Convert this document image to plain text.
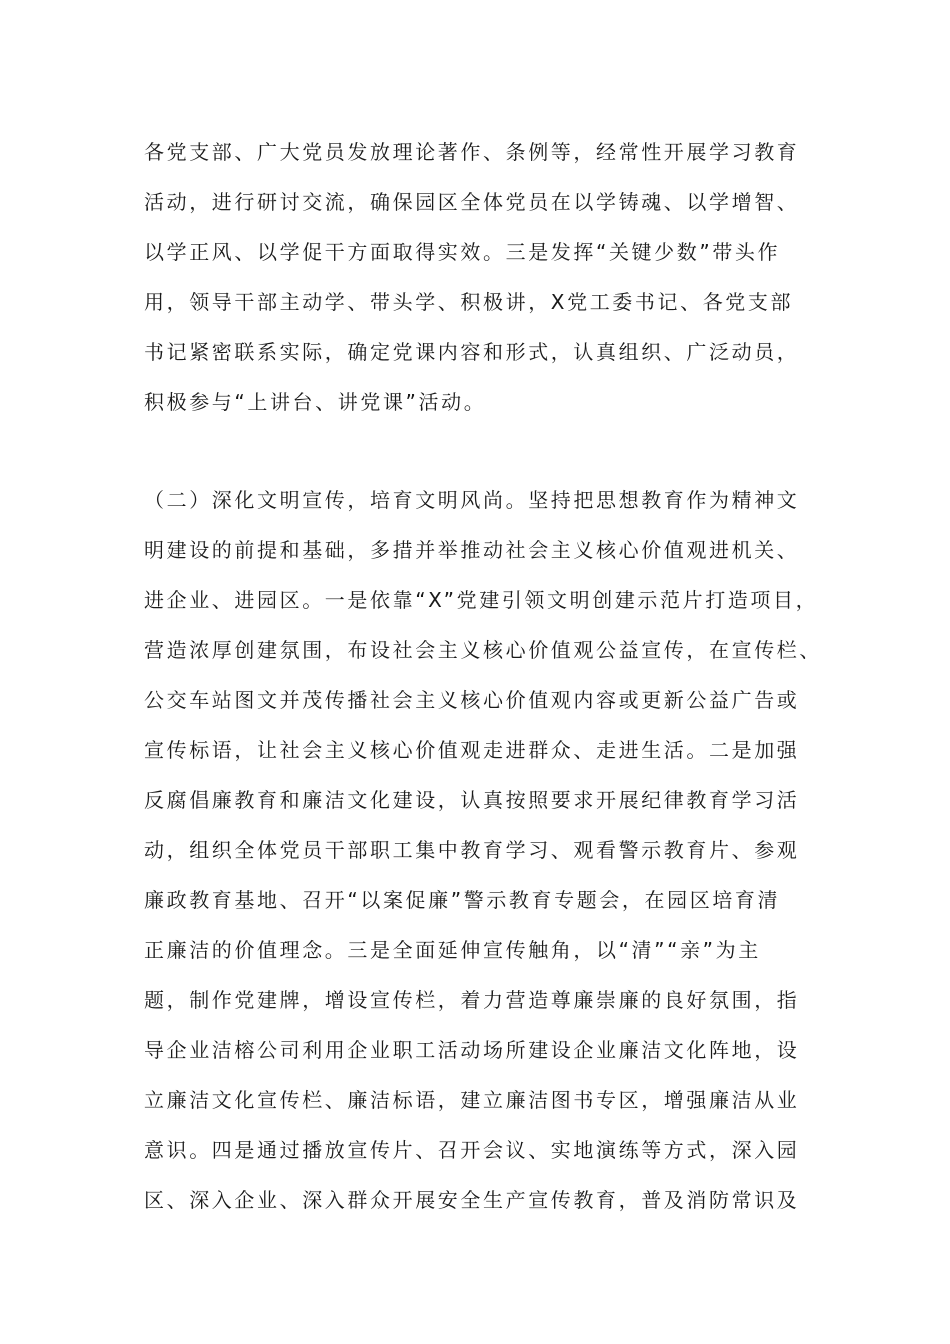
各党支部、广大党员发放理论著作、条例等，经常性开展学习教育
活动，进行研讨交流，确保园区全体党员在以学铸魂、以学增智、
以学正风、以学促干方面取得实效。三是发挥“关键少数”带头作
用，领导干部主动学、带头学、积极讲，X党工委书记、各党支部
书记紧密联系实际，确定党课内容和形式，认真组织、广泛动员，
积极参与“上讲台、讲党课”活动。
（二）深化文明宣传，培育文明风尚。坚持把思想教育作为精神文
明建设的前提和基础，多措并举推动社会主义核心价值观进机关、
进企业、进园区。一是依靠“X”党建引领文明创建示范片打造项目，
营造浓厚创建氛围，布设社会主义核心价值观公益宣传，在宣传栏、
公交车站图文并茂传播社会主义核心价值观内容或更新公益广告或
宣传标语，让社会主义核心价值观走进群众、走进生活。二是加强
反腐倡廉教育和廉洁文化建设，认真按照要求开展纪律教育学习活
动，组织全体党员干部职工集中教育学习、观看警示教育片、参观
廉政教育基地、召开“以案促廉”警示教育专题会，在园区培育清
正廉洁的价值理念。三是全面延伸宣传触角，以“清”“亲”为主
题，制作党建牌，增设宣传栏，着力营造尊廉崇廉的良好氛围，指
导企业洁榕公司利用企业职工活动场所建设企业廉洁文化阵地，设
立廉洁文化宣传栏、廉洁标语，建立廉洁图书专区，增强廉洁从业
意识。四是通过播放宣传片、召开会议、实地演练等方式，深入园
区、深入企业、深入群众开展安全生产宣传教育，普及消防常识及
